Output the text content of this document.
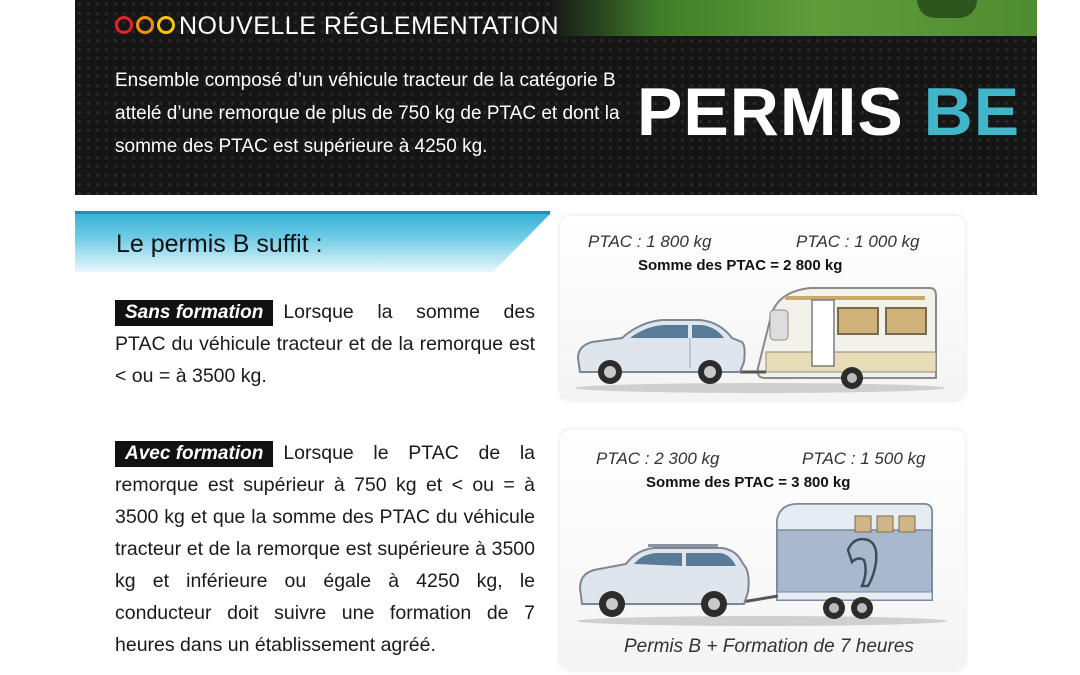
NOUVELLE RÉGLEMENTATION
Ensemble composé d’un véhicule tracteur de la catégorie B attelé d’une remorque de plus de 750 kg de PTAC et dont la somme des PTAC est supérieure à 4250 kg.	PERMIS BE
Le permis B suffit :
Sans formation Lorsque la somme des PTAC du véhicule tracteur et de la remorque est < ou = à 3500 kg.
Avec formation Lorsque le PTAC de la remorque est supérieur à 750 kg et < ou = à 3500 kg et que la somme des PTAC du véhicule tracteur et de la remorque est supérieure à 3500 kg et inférieure ou égale à 4250 kg, le conducteur doit suivre une formation de 7 heures dans un établissement agréé.
PTAC : 1 800 kg	PTAC : 1 000 kg
Somme des PTAC = 2 800 kg
PTAC : 2 300 kg	PTAC : 1 500 kg
Somme des PTAC = 3 800 kg
Permis B + Formation de 7 heures
